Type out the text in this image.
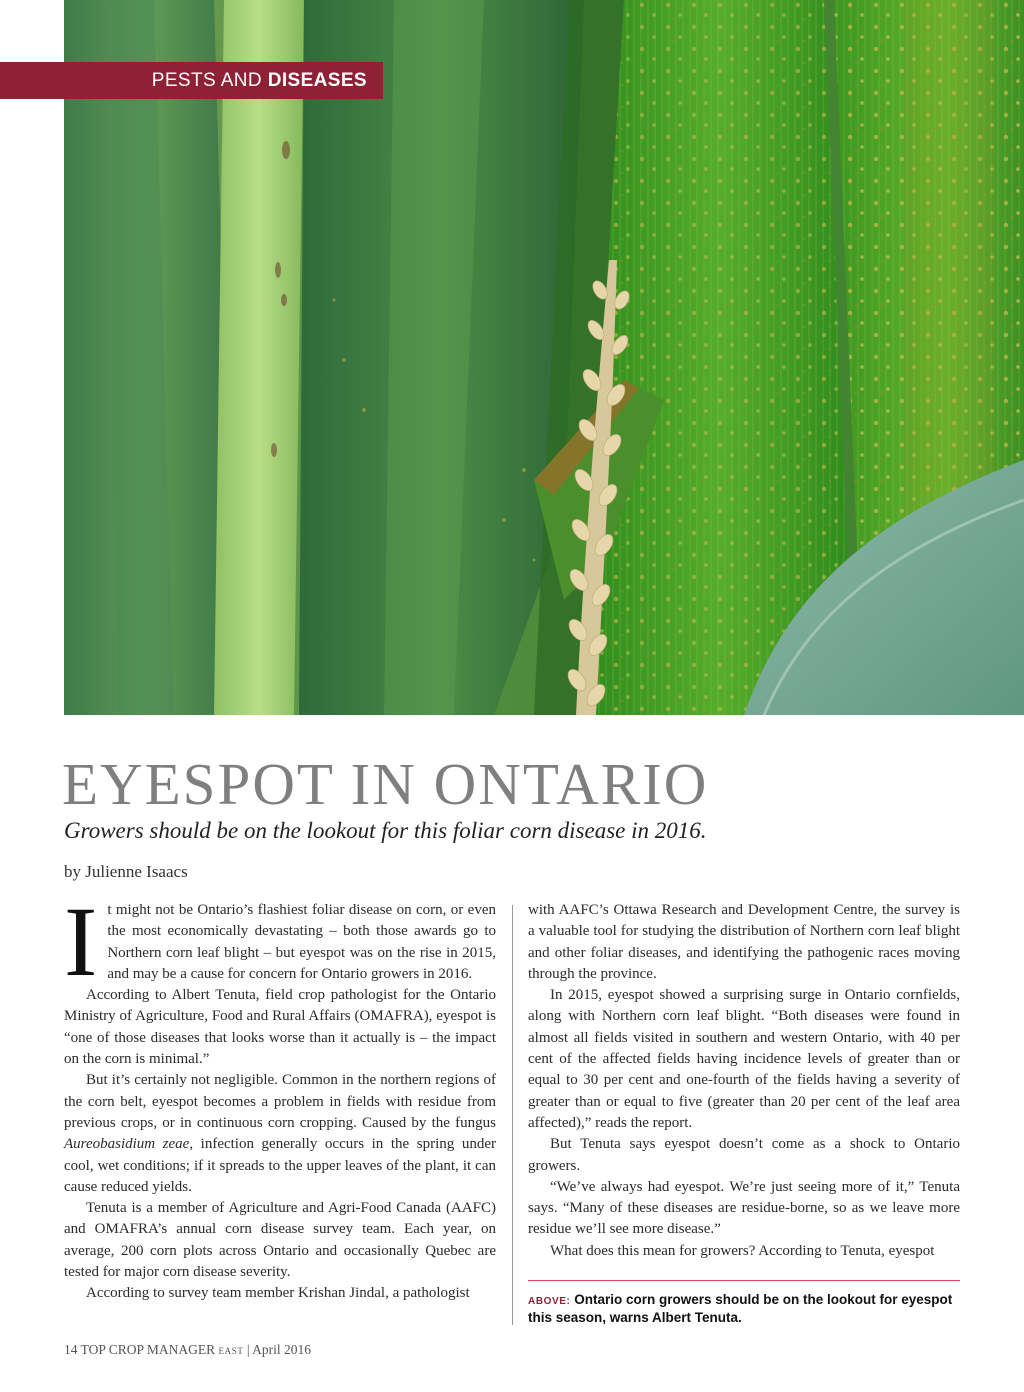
PESTS AND DISEASES
EYESPOT IN ONTARIO

Growers should be on the lookout for this foliar corn disease in 2016.

by Julienne Isaacs

It might not be Ontario’s flashiest foliar disease on corn, or even the most economically devastating – both those awards go to Northern corn leaf blight – but eyespot was on the rise in 2015, and may be a cause for concern for Ontario growers in 2016.

According to Albert Tenuta, field crop pathologist for the Ontario Ministry of Agriculture, Food and Rural Affairs (OMAFRA), eyespot is “one of those diseases that looks worse than it actually is – the impact on the corn is minimal.”

But it’s certainly not negligible. Common in the northern regions of the corn belt, eyespot becomes a problem in fields with residue from previous crops, or in continuous corn cropping. Caused by the fungus Aureobasidium zeae, infection generally occurs in the spring under cool, wet conditions; if it spreads to the upper leaves of the plant, it can cause reduced yields.

Tenuta is a member of Agriculture and Agri-Food Canada (AAFC) and OMAFRA’s annual corn disease survey team. Each year, on average, 200 corn plots across Ontario and occasionally Quebec are tested for major corn disease severity.

According to survey team member Krishan Jindal, a pathologist

with AAFC’s Ottawa Research and Development Centre, the survey is a valuable tool for studying the distribution of Northern corn leaf blight and other foliar diseases, and identifying the pathogenic races moving through the province.

In 2015, eyespot showed a surprising surge in Ontario cornfields, along with Northern corn leaf blight. “Both diseases were found in almost all fields visited in southern and western Ontario, with 40 per cent of the affected fields having incidence levels of greater than or equal to 30 per cent and one-fourth of the fields having a severity of greater than or equal to five (greater than 20 per cent of the leaf area affected),” reads the report.

But Tenuta says eyespot doesn’t come as a shock to Ontario growers.

“We’ve always had eyespot. We’re just seeing more of it,” Tenuta says. “Many of these diseases are residue-borne, so as we leave more residue we’ll see more disease.”

What does this mean for growers? According to Tenuta, eyespot

ABOVE: Ontario corn growers should be on the lookout for eyespot this season, warns Albert Tenuta.
14 TOP CROP MANAGER EAST | April 2016
